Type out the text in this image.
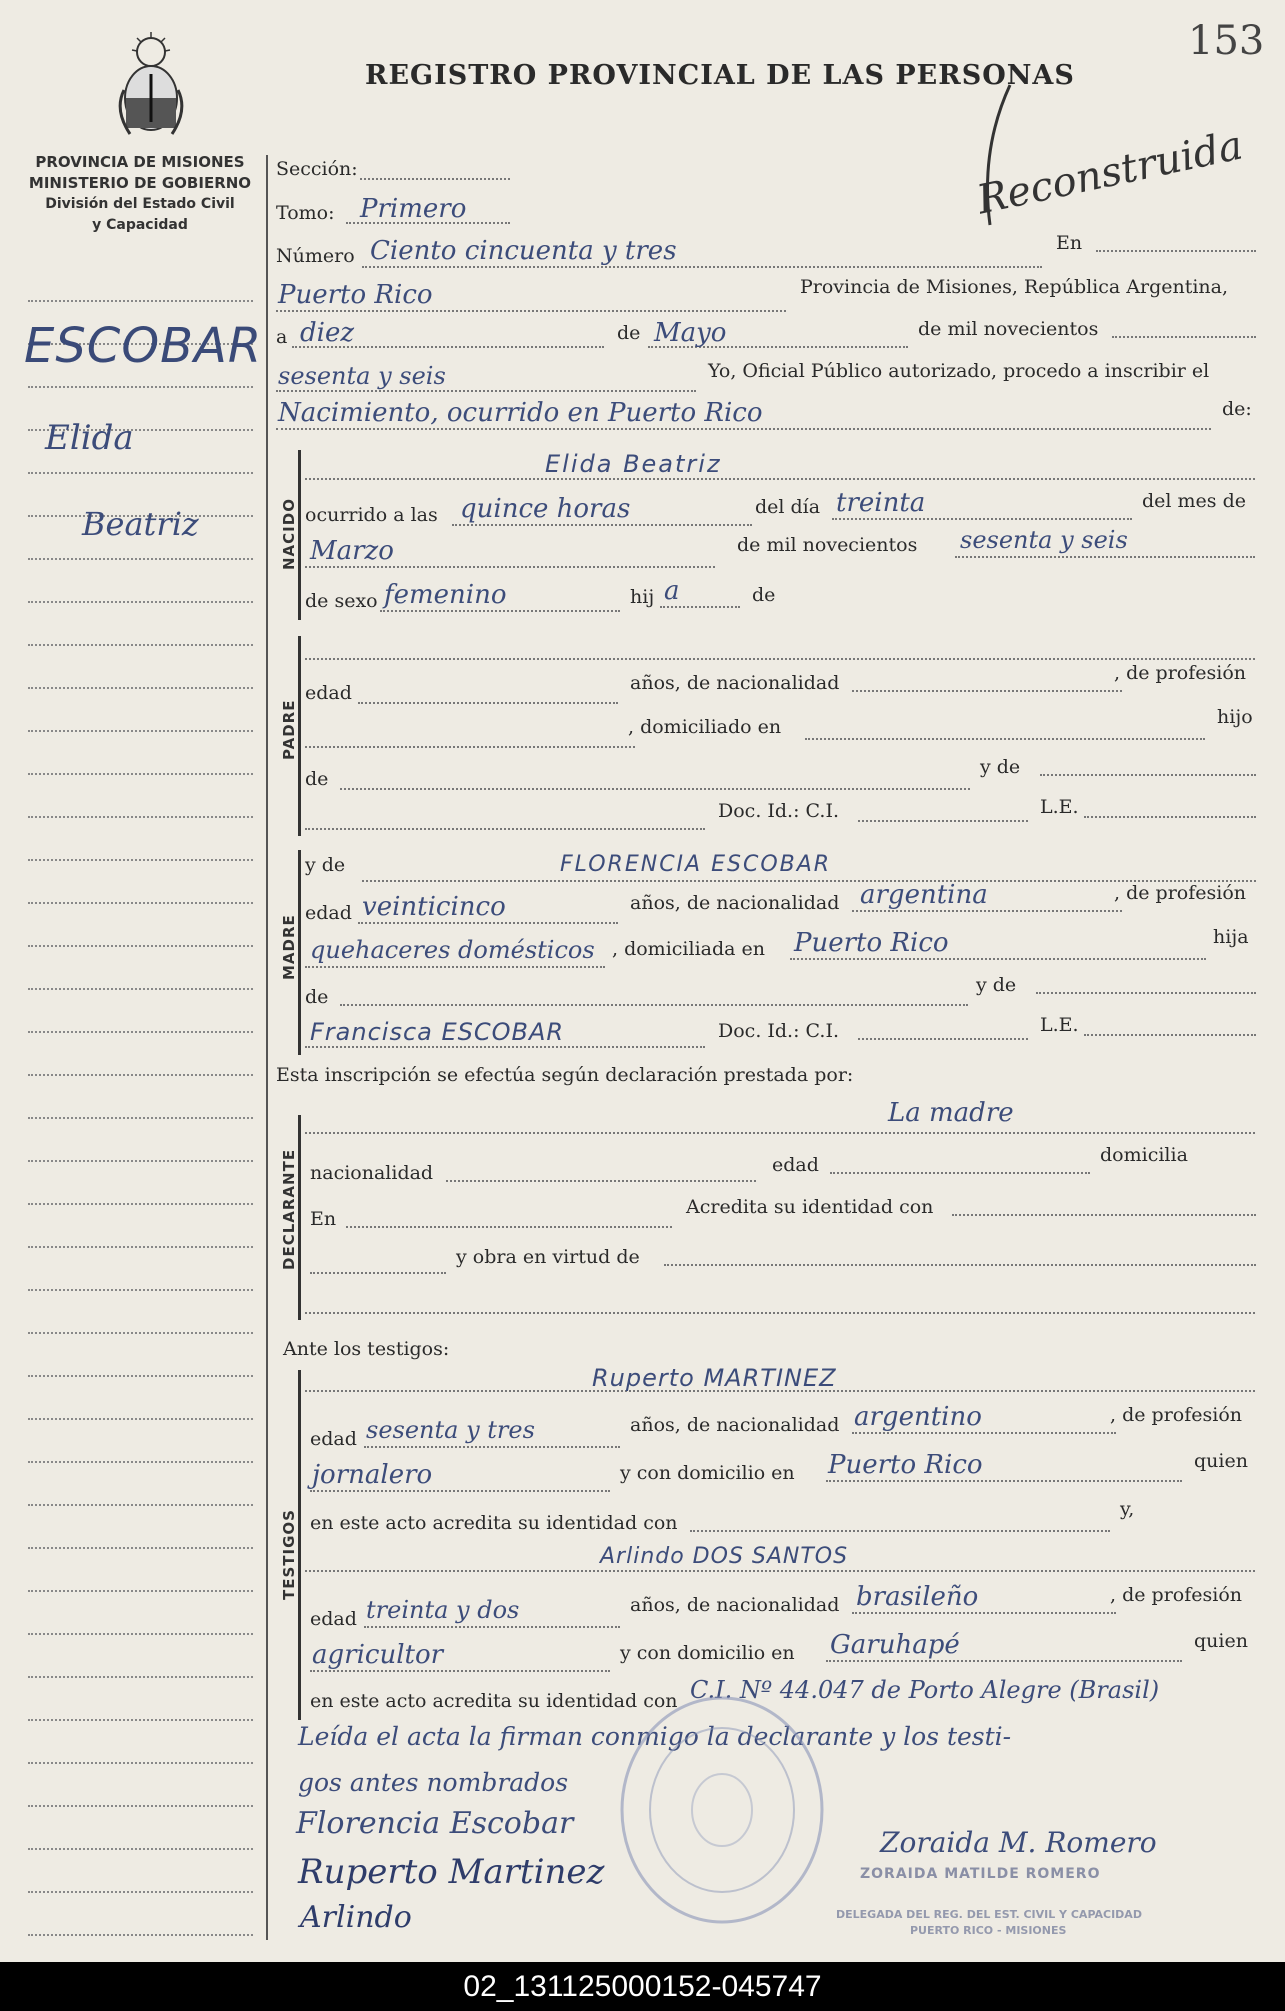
PROVINCIA DE MISIONES
MINISTERIO DE GOBIERNO
División del Estado Civil
y Capacidad
REGISTRO PROVINCIAL DE LAS PERSONAS
153
Reconstruida
ESCOBAR
Elida
Beatriz
Sección:
Tomo: Primero
Número Ciento cincuenta y tres	En
Puerto Rico	Provincia de Misiones, República Argentina,
a diez	de Mayo	de mil novecientos
sesenta y seis	Yo, Oficial Público autorizado, procedo a inscribir el
Nacimiento, ocurrido en Puerto Rico	de:
NACIDO
Elida Beatriz
ocurrido a las quince horas	del día treinta	del mes de
Marzo	de mil novecientos sesenta y seis
de sexo femenino	hij a	de
PADRE
edad	años, de nacionalidad	, de profesión
, domiciliado en	hijo
de
y de
Doc. Id.: C.I.	L.E.
MADRE
y de	FLORENCIA ESCOBAR
edad veinticinco	años, de nacionalidad argentina	, de profesión
quehaceres domésticos , domiciliada en Puerto Rico	hija
de
y de
Francisca ESCOBAR	Doc. Id.: C.I.	L.E.
Esta inscripción se efectúa según declaración prestada por:
DECLARANTE
La madre
nacionalidad	edad	domicilia
En
Acredita su identidad con
y obra en virtud de
Ante los testigos:
TESTIGOS
Ruperto MARTINEZ
edad sesenta y tres	años, de nacionalidad argentino	, de profesión
jornalero	y con domicilio en Puerto Rico	quien
en este acto acredita su identidad con
y,
Arlindo DOS SANTOS
edad treinta y dos	años, de nacionalidad brasileño	, de profesión
agricultor	y con domicilio en Garuhapé	quien
en este acto acredita su identidad con C.I. Nº 44.047 de Porto Alegre (Brasil)
Leída el acta la firman conmigo la declarante y los testi-
gos antes nombrados
Florencia Escobar
Ruperto Martinez
Arlindo
Zoraida M. Romero
ZORAIDA MATILDE ROMERO
DELEGADA DEL REG. DEL EST. CIVIL Y CAPACIDAD
PUERTO RICO - MISIONES
02_131125000152-045747
